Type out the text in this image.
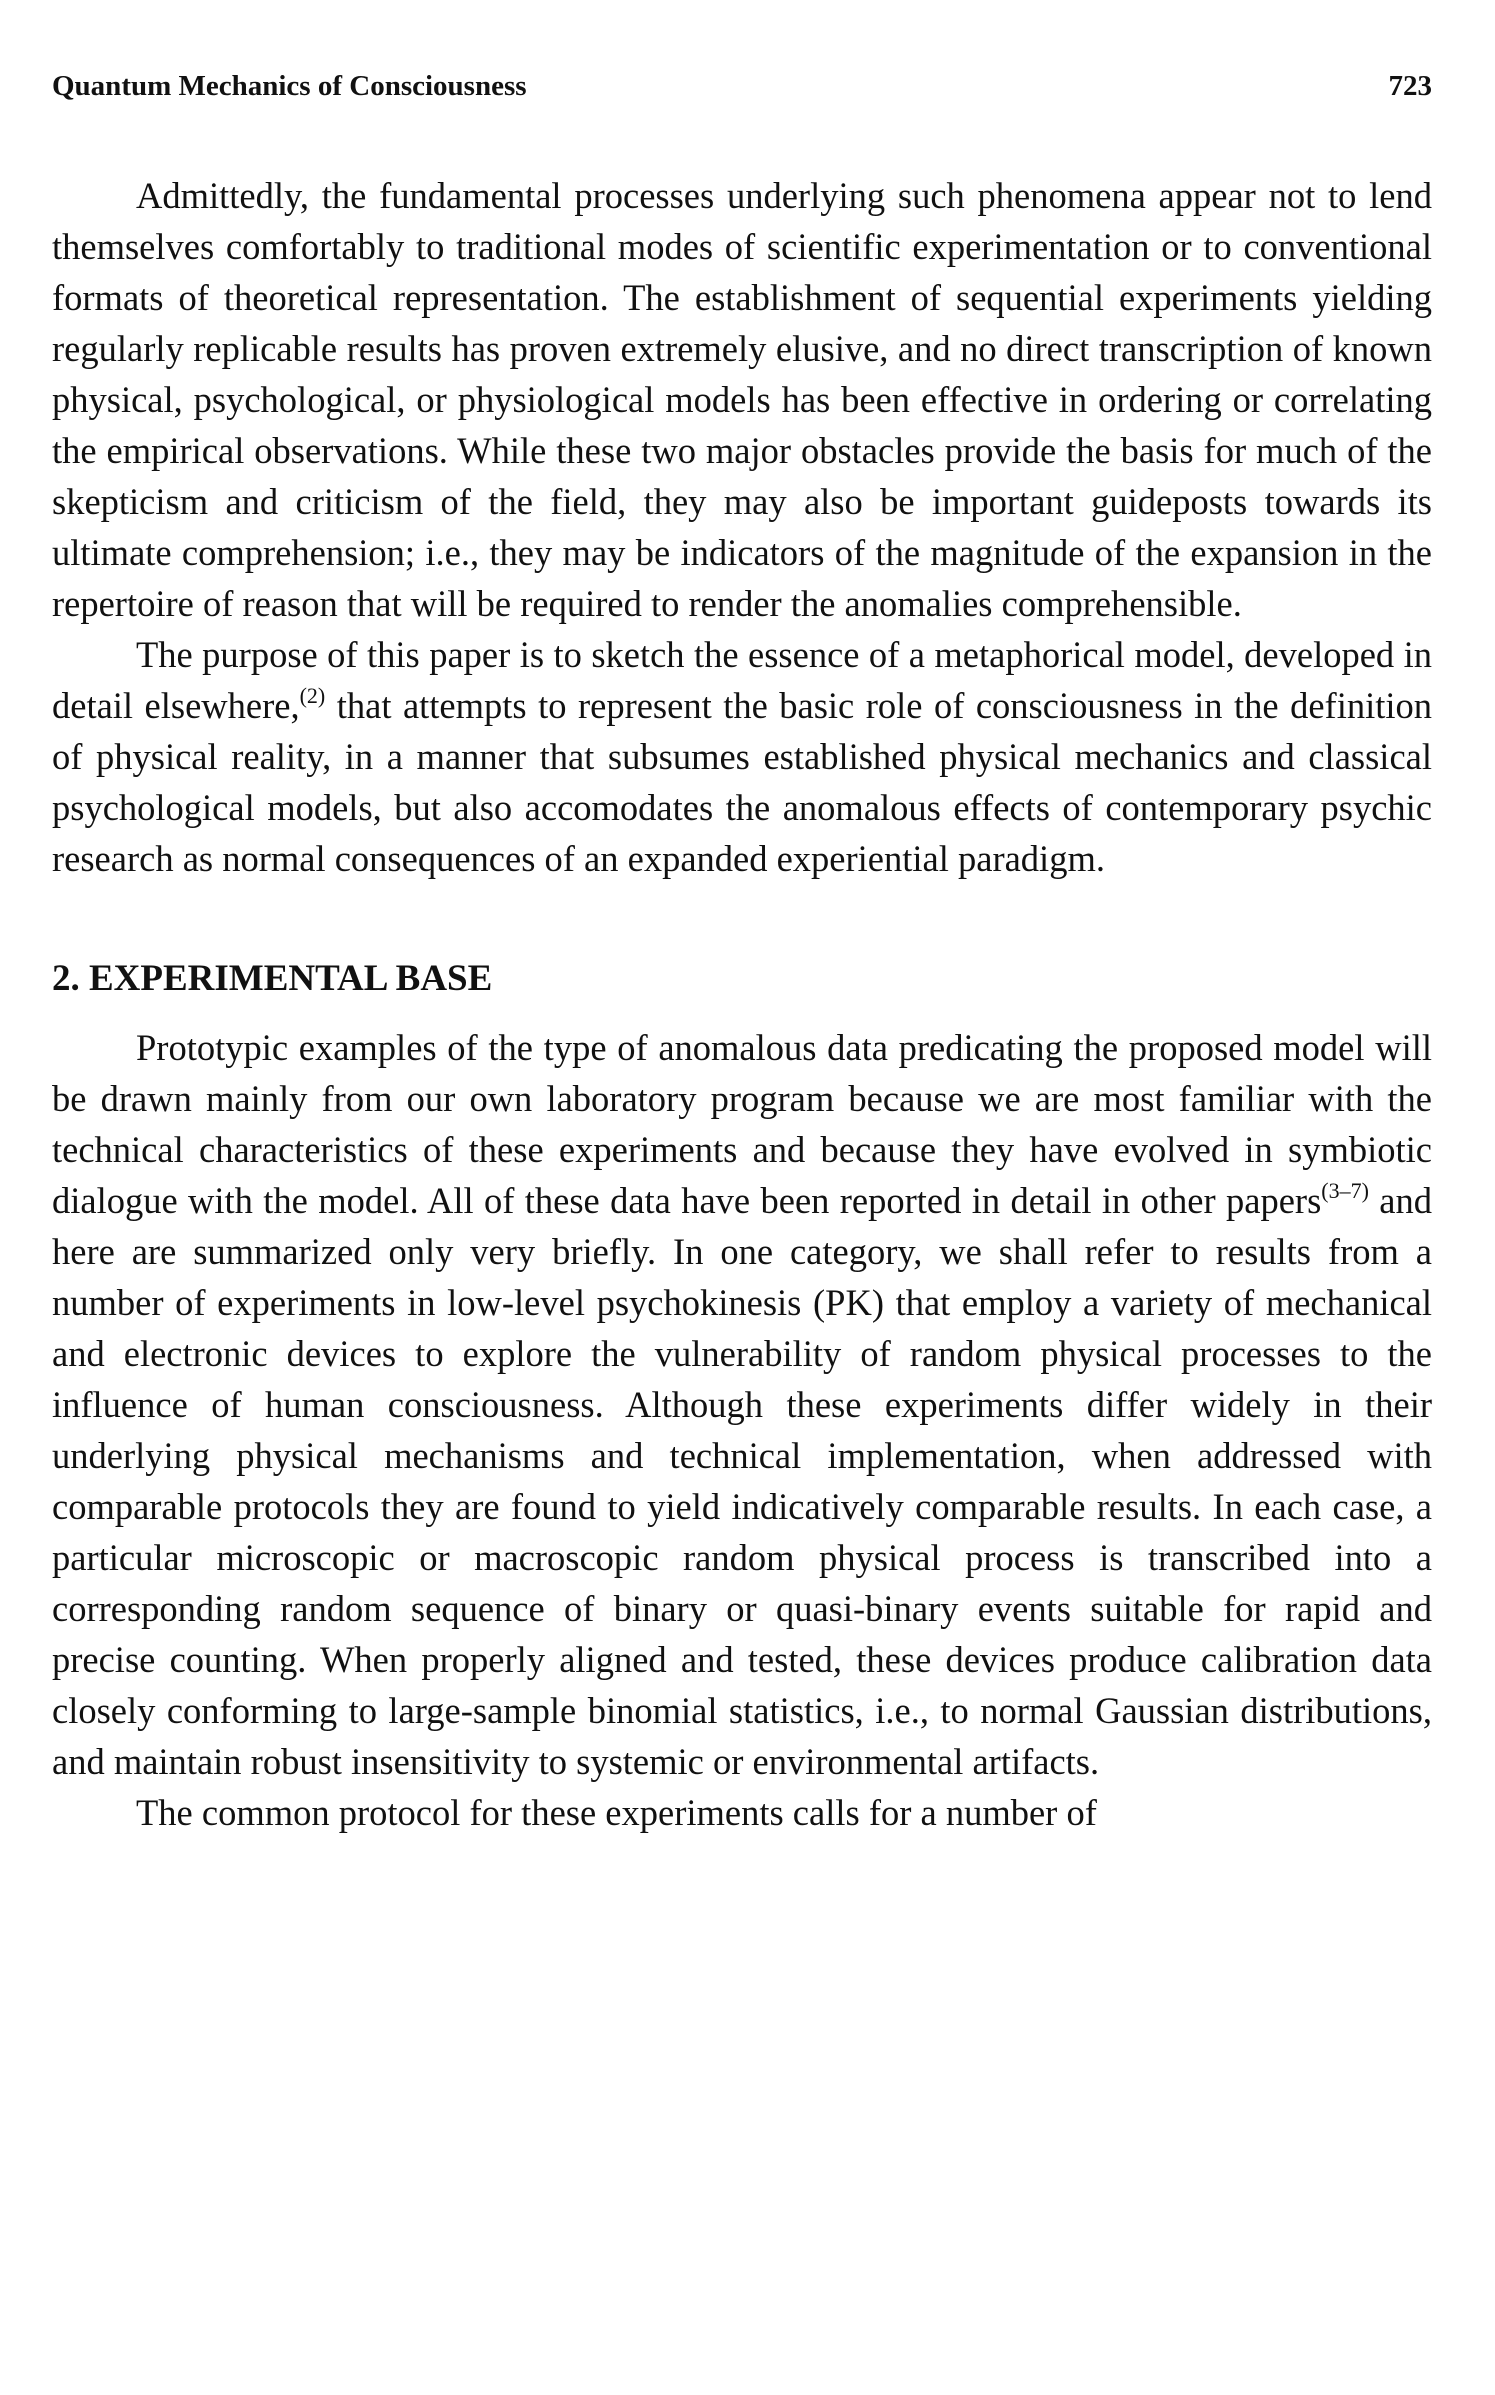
Quantum Mechanics of Consciousness	723

Admittedly, the fundamental processes underlying such phenomena appear not to lend themselves comfortably to traditional modes of scientific experimentation or to conventional formats of theoretical representation. The establishment of sequential experiments yielding regularly replicable results has proven extremely elusive, and no direct transcription of known physical, psychological, or physiological models has been effective in ordering or correlating the empirical observations. While these two major obstacles provide the basis for much of the skepticism and criticism of the field, they may also be important guideposts towards its ultimate comprehension; i.e., they may be indicators of the magnitude of the expansion in the repertoire of reason that will be required to render the anomalies comprehensible.

The purpose of this paper is to sketch the essence of a metaphorical model, developed in detail elsewhere,$^{(2)}$ that attempts to represent the basic role of consciousness in the definition of physical reality, in a manner that subsumes established physical mechanics and classical psychological models, but also accomodates the anomalous effects of contemporary psychic research as normal consequences of an expanded experiential paradigm.

2. EXPERIMENTAL BASE

Prototypic examples of the type of anomalous data predicating the proposed model will be drawn mainly from our own laboratory program because we are most familiar with the technical characteristics of these experiments and because they have evolved in symbiotic dialogue with the model. All of these data have been reported in detail in other papers$^{(3-7)}$ and here are summarized only very briefly. In one category, we shall refer to results from a number of experiments in low-level psychokinesis (PK) that employ a variety of mechanical and electronic devices to explore the vulnerability of random physical processes to the influence of human consciousness. Although these experiments differ widely in their underlying physical mechanisms and technical implementation, when addressed with comparable protocols they are found to yield indicatively comparable results. In each case, a particular microscopic or macroscopic random physical process is transcribed into a corresponding random sequence of binary or quasi-binary events suitable for rapid and precise counting. When properly aligned and tested, these devices produce calibration data closely conforming to large-sample binomial statistics, i.e., to normal Gaussian distributions, and maintain robust insensitivity to systemic or environmental artifacts.

The common protocol for these experiments calls for a number of
